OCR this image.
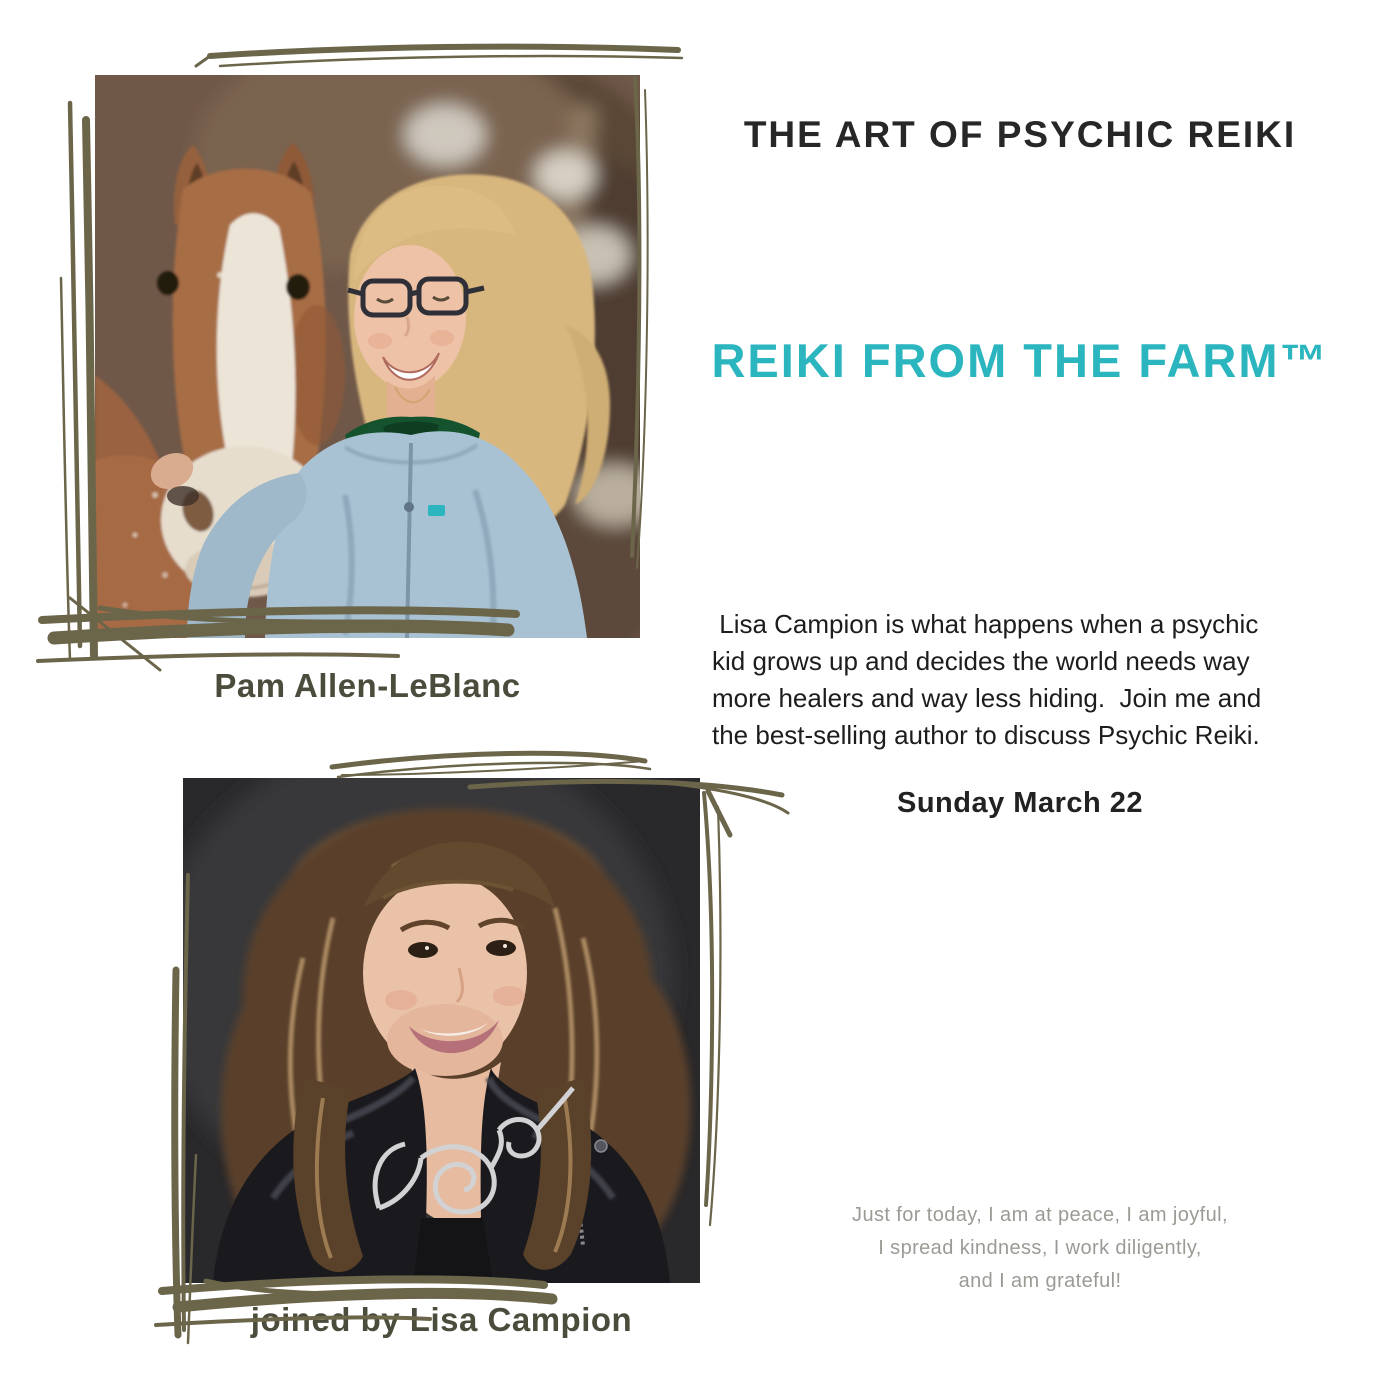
Pam Allen-LeBlanc
joined by Lisa Campion
THE ART OF PSYCHIC REIKI
REIKI FROM THE FARM™
Lisa Campion is what happens when a psychic
kid grows up and decides the world needs way
more healers and way less hiding.  Join me and
the best-selling author to discuss Psychic Reiki.
Sunday March 22
Just for today, I am at peace, I am joyful,
I spread kindness, I work diligently,
and I am grateful!
